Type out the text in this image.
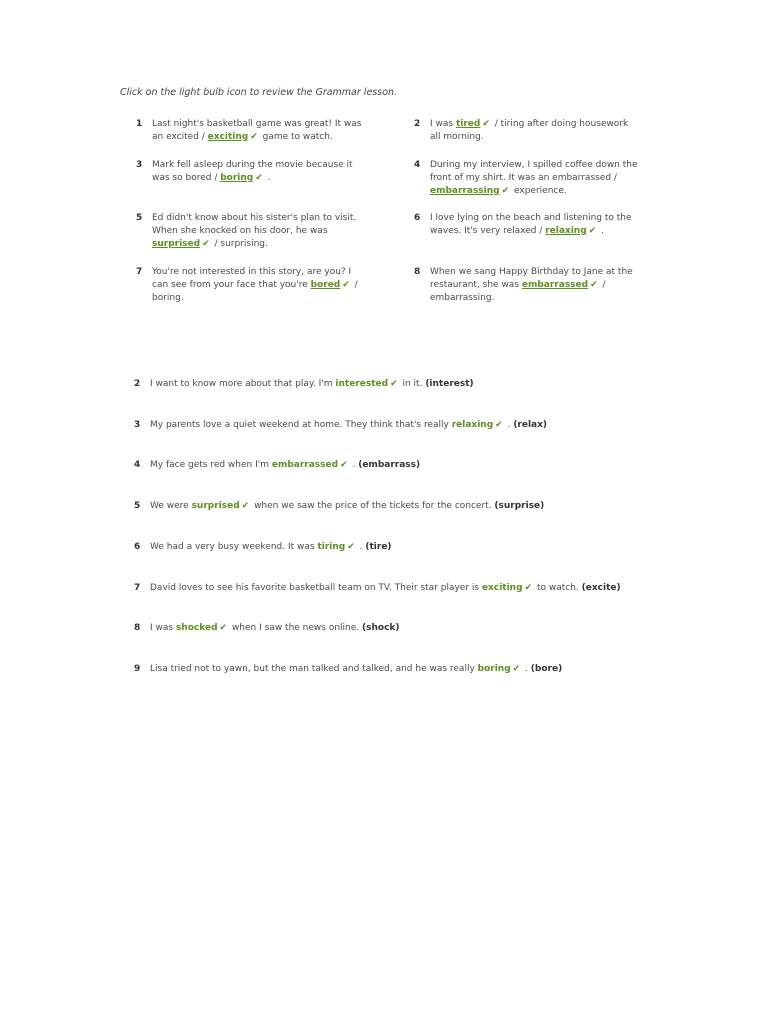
Click on the light bulb icon to review the Grammar lesson.
1 Last night's basketball game was great! It was an excited / exciting ✔ game to watch.
2 I was tired ✔ / tiring after doing housework all morning.
3 Mark fell asleep during the movie because it was so bored / boring ✔ .
4 During my interview, I spilled coffee down the front of my shirt. It was an embarrassed / embarrassing ✔ experience.
5 Ed didn't know about his sister's plan to visit. When she knocked on his door, he was surprised ✔ / surprising.
6 I love lying on the beach and listening to the waves. It's very relaxed / relaxing ✔ .
7 You're not interested in this story, are you? I can see from your face that you're bored ✔ / boring.
8 When we sang Happy Birthday to Jane at the restaurant, she was embarrassed ✔ / embarrassing.
2 I want to know more about that play. I'm interested ✔ in it. (interest)
3 My parents love a quiet weekend at home. They think that's really relaxing ✔ . (relax)
4 My face gets red when I'm embarrassed ✔ . (embarrass)
5 We were surprised ✔ when we saw the price of the tickets for the concert. (surprise)
6 We had a very busy weekend. It was tiring ✔ . (tire)
7 David loves to see his favorite basketball team on TV. Their star player is exciting ✔ to watch. (excite)
8 I was shocked ✔ when I saw the news online. (shock)
9 Lisa tried not to yawn, but the man talked and talked, and he was really boring ✔ . (bore)
